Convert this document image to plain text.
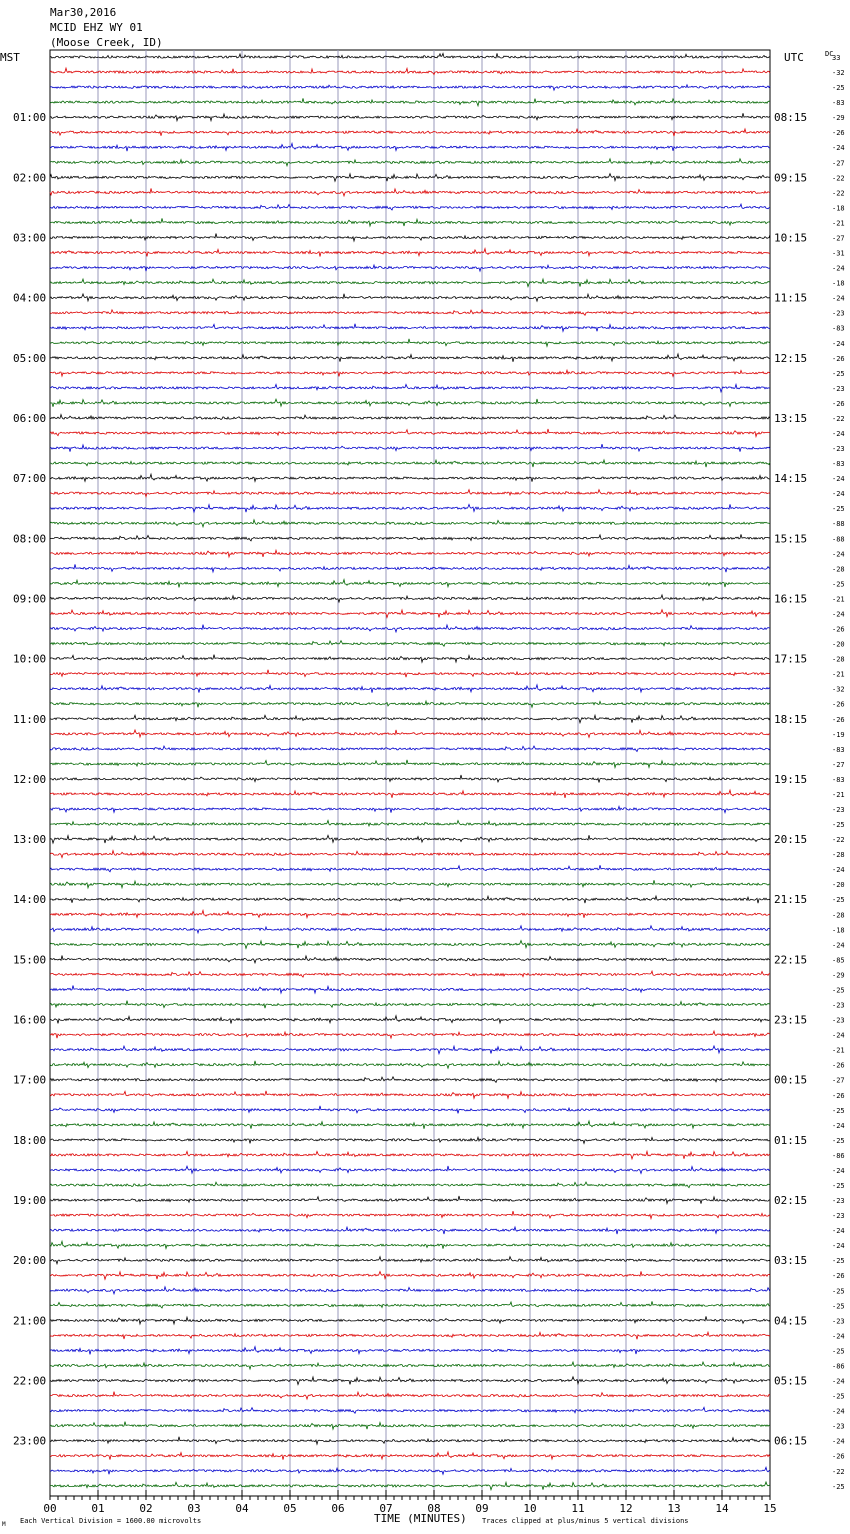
Mar30,2016
MCID EHZ WY 01
(Moose Creek, ID)
33
-32
-25
-83
-29
01:00	08:15
-26
-24
-27
-22
02:00	09:15
-22
-18
-21
-27
03:00	10:15
-31
-24
-18
-24
04:00	11:15
-23
-83
-24
-26
05:00	12:15
-25
-23
-26
-22
06:00	13:15
-24
-23
-83
-24
07:00	14:15
-24
-25
-88
-88
08:00	15:15
-24
-28
-25
-21
09:00	16:15
-24
-26
-20
-28
10:00	17:15
-21
-32
-26
-26
11:00	18:15
-19
-83
-27
-83
12:00	19:15
-21
-23
-25
-22
13:00	20:15
-28
-24
-20
-25
14:00	21:15
-28
-18
-24
-85
15:00	22:15
-29
-25
-23
-23
16:00	23:15
-24
-21
-26
-27
17:00	00:15
-26
-25
-24
-25
18:00	01:15
-86
-24
-25
-23
19:00	02:15
-23
-24
-24
-25
20:00	03:15
-26
-25
-25
-23
21:00	04:15
-24
-25
-86
-24
22:00	05:15
-25
-24
-23
-24
23:00	06:15
-26
-22
-25
00	01	02	03	04	05	06	07	08	09	10	11	12	13	14	15
MST	UTC	DC
TIME (MINUTES)
Each Vertical Division = 1600.00 microvolts	Traces clipped at plus/minus 5 vertical divisions
M
